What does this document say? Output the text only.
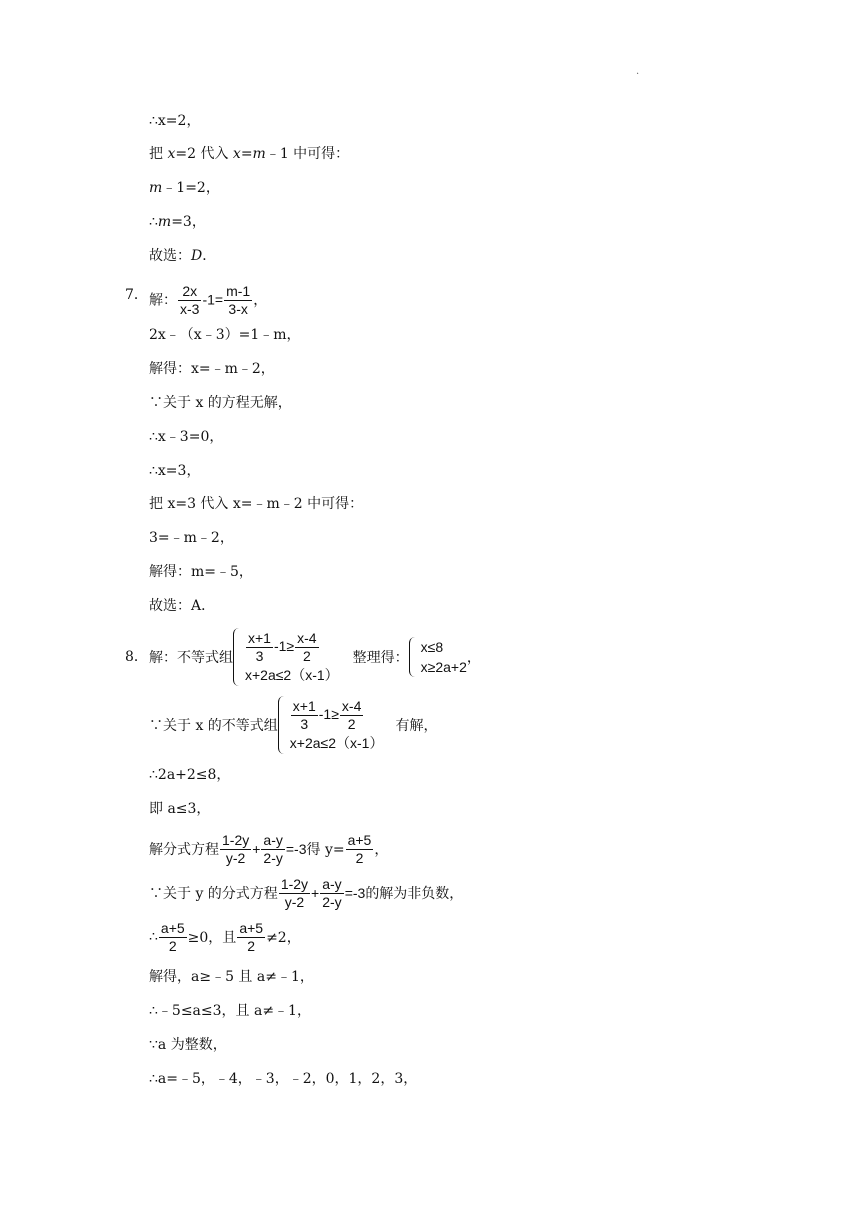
.
∴x=2，
把 x=2 代入 x=m﹣1 中可得：
m﹣1=2，
∴m=3，
故选：D．
7． 解： $\frac{2x}{x-3} -1= \frac{m-1}{3-x}$ ，
2x﹣（x﹣3）=1﹣m，
解得：x=﹣m﹣2，
∵关于 x 的方程无解，
∴x﹣3=0，
∴x=3，
把 x=3 代入 x=﹣m﹣2 中可得：
3=﹣m﹣2，
解得：m=﹣5，
故选：A．
8． 解：不等式组 $\frac{x+1}{3} -1\ge \frac{x-4}{2}$
x+2a≤2（x-1）
整理得：
x≤8
x≥2a+2
，
∵关于 x 的不等式组 $\frac{x+1}{3} -1\ge \frac{x-4}{2}$
x+2a≤2（x-1）
有解，
∴2a+2≤8，
即 a≤3，
解分式方程 $\frac{1-2y}{y-2} + \frac{a-y}{2-y} =-3$ 得 $y= \frac{a+5}{2}$ ，
∵关于 y 的分式方程 $\frac{1-2y}{y-2} + \frac{a-y}{2-y} =-3$ 的解为非负数，
∴ $\frac{a+5}{2} \ge 0$，且 $\frac{a+5}{2} \ne 2$，
解得，a≥﹣5 且 a≠﹣1，
∴﹣5≤a≤3，且 a≠﹣1，
∵a 为整数，
∴a=﹣5，﹣4，﹣3，﹣2，0，1，2，3，
